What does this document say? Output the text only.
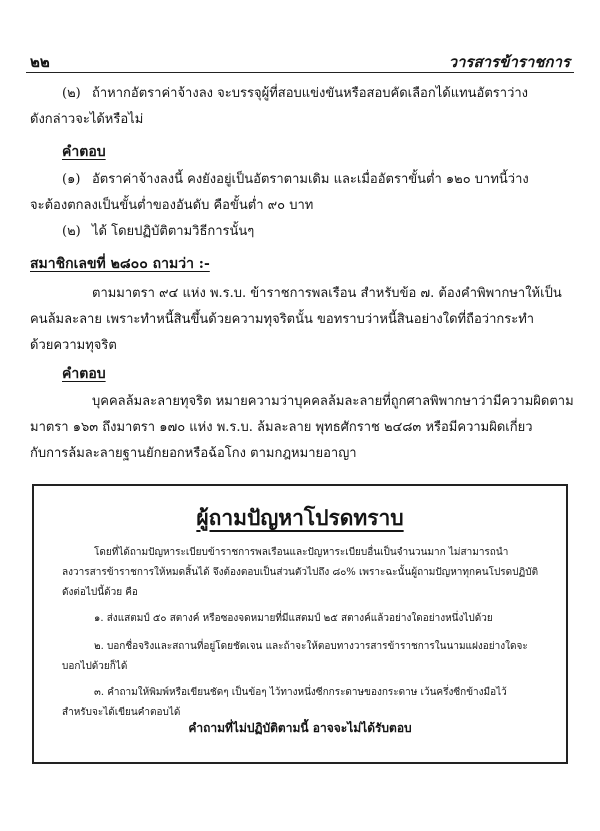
๒๒	วารสารข้าราชการ
(๒) ถ้าหากอัตราค่าจ้างลง จะบรรจุผู้ที่สอบแข่งขันหรือสอบคัดเลือกได้แทนอัตราว่าง
ดังกล่าวจะได้หรือไม่
คำตอบ
(๑) อัตราค่าจ้างลงนี้ คงยังอยู่เป็นอัตราตามเดิม และเมื่ออัตราขั้นต่ำ ๑๒๐ บาทนี้ว่าง
จะต้องตกลงเป็นขั้นต่ำของอันดับ คือขั้นต่ำ ๙๐ บาท
(๒) ได้ โดยปฏิบัติตามวิธีการนั้นๆ
สมาชิกเลขที่ ๒๘๐๐ ถามว่า :-
ตามมาตรา ๙๔ แห่ง พ.ร.บ. ข้าราชการพลเรือน สำหรับข้อ ๗. ต้องคำพิพากษาให้เป็น
คนล้มละลาย เพราะทำหนี้สินขึ้นด้วยความทุจริตนั้น ขอทราบว่าหนี้สินอย่างใดที่ถือว่ากระทำ
ด้วยความทุจริต
คำตอบ
บุคคลล้มละลายทุจริต หมายความว่าบุคคลล้มละลายที่ถูกศาลพิพากษาว่ามีความผิดตาม
มาตรา ๑๖๓ ถึงมาตรา ๑๗๐ แห่ง พ.ร.บ. ล้มละลาย พุทธศักราช ๒๔๘๓ หรือมีความผิดเกี่ยว
กับการล้มละลายฐานยักยอกหรือฉ้อโกง ตามกฎหมายอาญา
ผู้ถามปัญหาโปรดทราบ
โดยที่ได้ถามปัญหาระเบียบข้าราชการพลเรือนและปัญหาระเบียบอื่นเป็นจำนวนมาก ไม่สามารถนำ
ลงวารสารข้าราชการให้หมดสิ้นได้ จึงต้องตอบเป็นส่วนตัวไปถึง ๘๐% เพราะฉะนั้นผู้ถามปัญหาทุกคนโปรดปฏิบัติ
ดังต่อไปนี้ด้วย คือ
๑. ส่งแสตมป์ ๕๐ สตางค์ หรือซองจดหมายที่มีแสตมป์ ๒๕ สตางค์แล้วอย่างใดอย่างหนึ่งไปด้วย
๒. บอกชื่อจริงและสถานที่อยู่โดยชัดเจน และถ้าจะให้ตอบทางวารสารข้าราชการในนามแฝงอย่างใดจะ
บอกไปด้วยก็ได้
๓. คำถามให้พิมพ์หรือเขียนชัดๆ เป็นข้อๆ ไว้ทางหนึ่งซีกกระดาษของกระดาษ เว้นครึ่งซีกข้างมือไว้
สำหรับจะได้เขียนคำตอบได้
คำถามที่ไม่ปฏิบัติตามนี้ อาจจะไม่ได้รับตอบ
